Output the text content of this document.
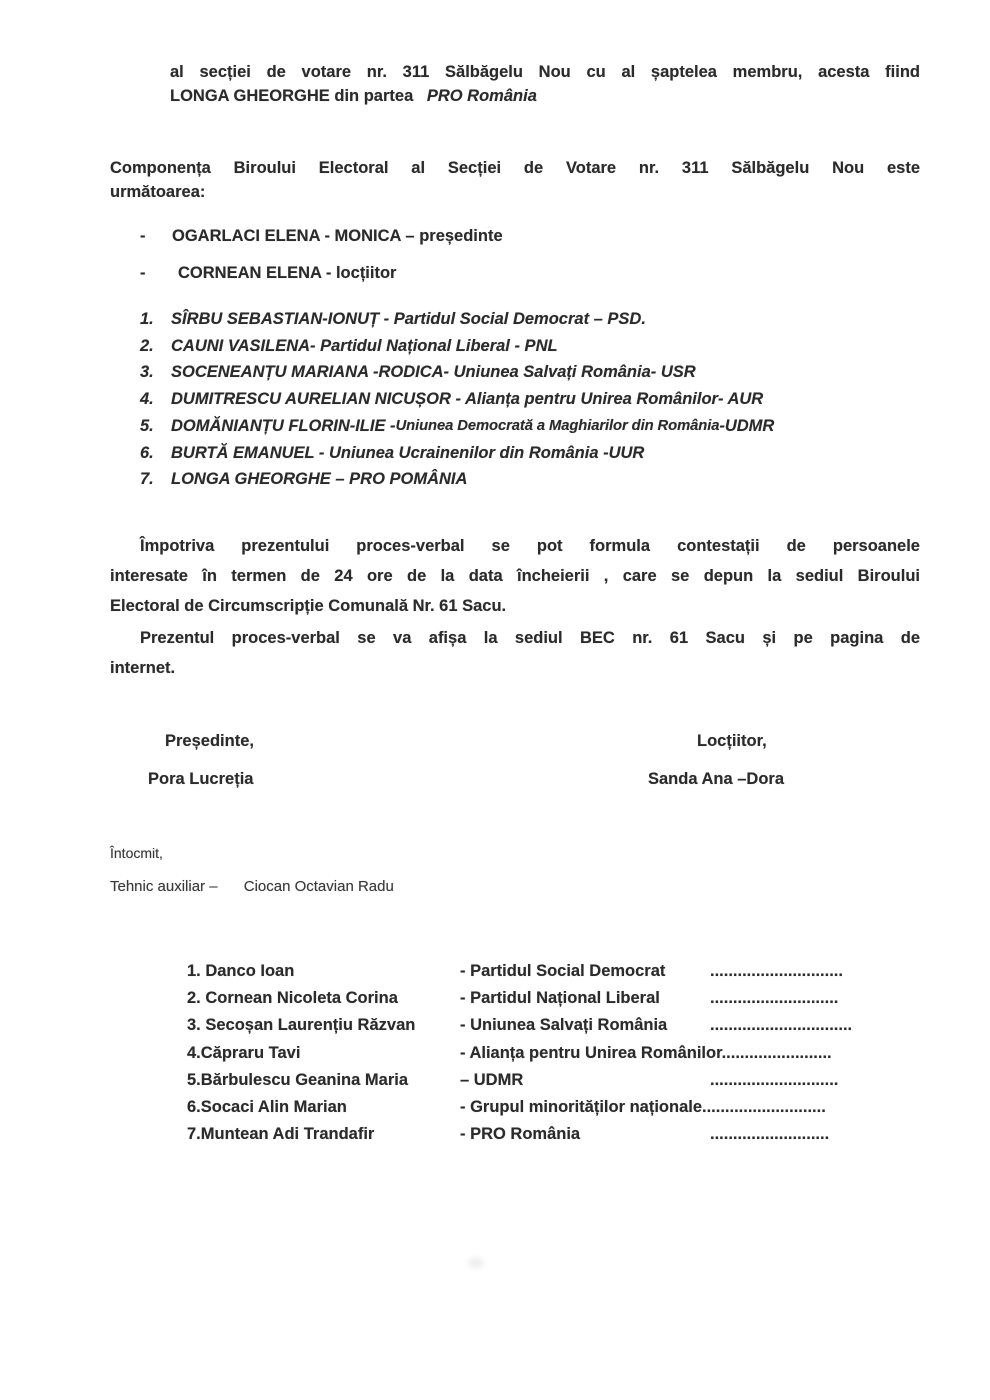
al secției de votare nr. 311 Sălbăgelu Nou cu al șaptelea membru, acesta fiind
LONGA GHEORGHE din partea PRO România
Componența Biroului Electoral al Secției de Votare nr. 311 Sălbăgelu Nou este
următoarea:
-	OGARLACI ELENA - MONICA – președinte
-	CORNEAN ELENA - locțiitor
1.	SÎRBU SEBASTIAN-IONUȚ - Partidul Social Democrat – PSD.
2.	CAUNI VASILENA- Partidul Național Liberal - PNL
3.	SOCENEANȚU MARIANA -RODICA- Uniunea Salvați România- USR
4.	DUMITRESCU AURELIAN NICUȘOR - Alianța pentru Unirea Românilor- AUR
5.	DOMĂNIANȚU FLORIN-ILIE - Uniunea Democrată a Maghiarilor din România -UDMR
6.	BURTĂ EMANUEL - Uniunea Ucrainenilor din România -UUR
7.	LONGA GHEORGHE – PRO POMÂNIA
Împotriva prezentului proces-verbal se pot formula contestații de persoanele
interesate în termen de 24 ore de la data încheierii , care se depun la sediul Biroului
Electoral de Circumscripție Comunală Nr. 61 Sacu.
Prezentul proces-verbal se va afișa la sediul BEC nr. 61 Sacu și pe pagina de
internet.
Președinte,
Pora Lucreția
Locțiitor,
Sanda Ana –Dora
Întocmit,
Tehnic auxiliar – Ciocan Octavian Radu
1. Danco Ioan	- Partidul Social Democrat	.............................
2. Cornean Nicoleta Corina	- Partidul Național Liberal	............................
3. Secoșan Laurențiu Răzvan	- Uniunea Salvați România	...............................
4.Căpraru Tavi	- Alianța pentru Unirea Românilor........................
5.Bărbulescu Geanina Maria	– UDMR	............................
6.Socaci Alin Marian	- Grupul minorităților naționale...........................
7.Muntean Adi Trandafir	- PRO România	..........................
